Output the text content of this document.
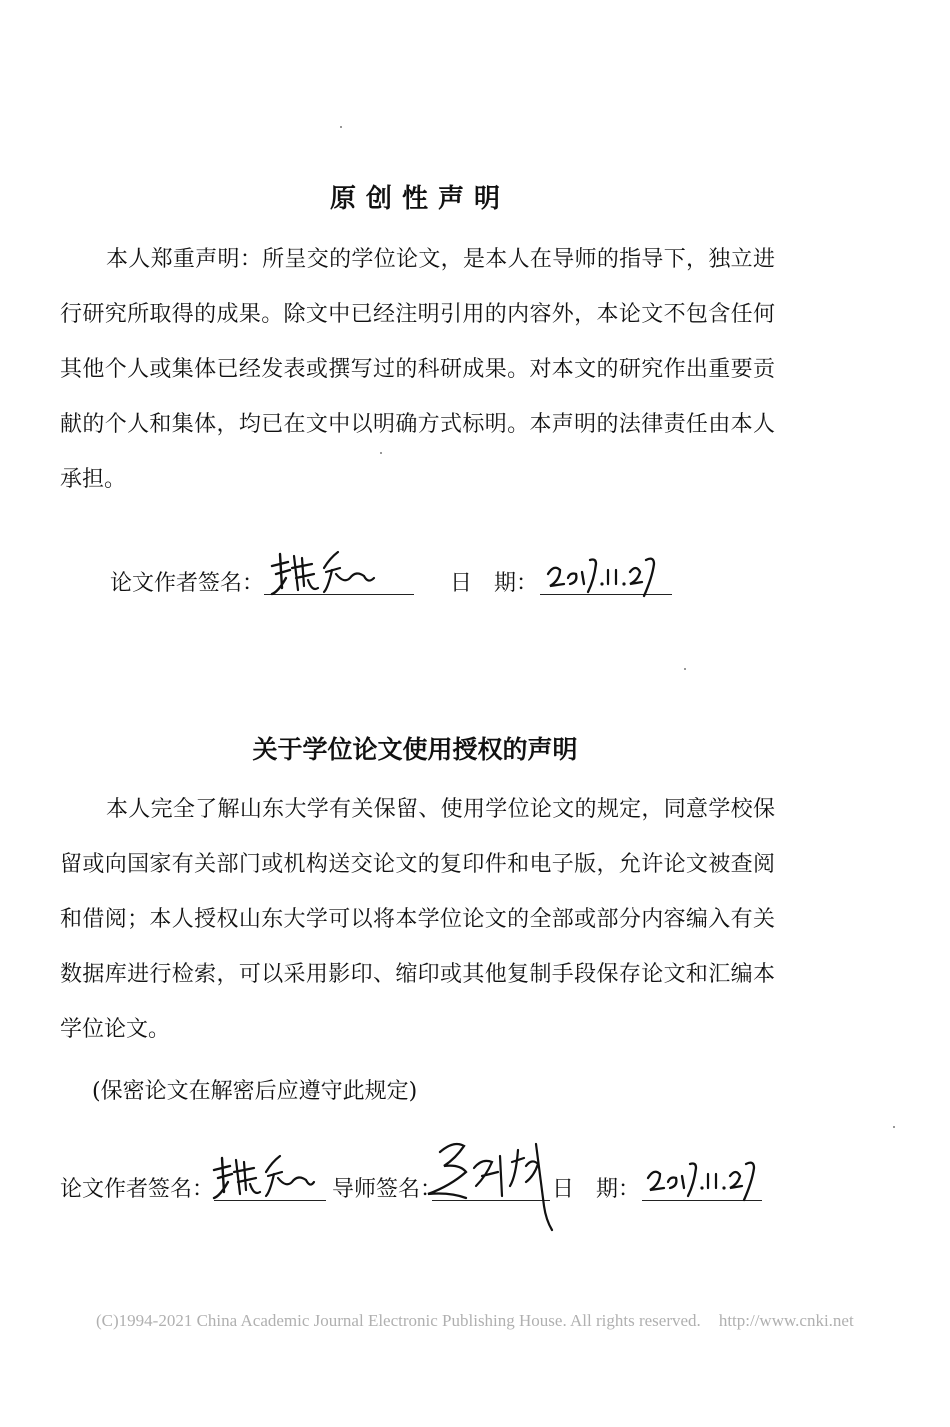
原创性声明

本人郑重声明：所呈交的学位论文，是本人在导师的指导下，独立进行研究所取得的成果。除文中已经注明引用的内容外，本论文不包含任何其他个人或集体已经发表或撰写过的科研成果。对本文的研究作出重要贡献的个人和集体，均已在文中以明确方式标明。本声明的法律责任由本人承担。

论文作者签名：	日　期：
关于学位论文使用授权的声明

本人完全了解山东大学有关保留、使用学位论文的规定，同意学校保留或向国家有关部门或机构送交论文的复印件和电子版，允许论文被查阅和借阅；本人授权山东大学可以将本学位论文的全部或部分内容编入有关数据库进行检索，可以采用影印、缩印或其他复制手段保存论文和汇编本学位论文。

(保密论文在解密后应遵守此规定)
论文作者签名：	导师签名：	日　期：
(C)1994-2021 China Academic Journal Electronic Publishing House. All rights reserved. http://www.cnki.net
